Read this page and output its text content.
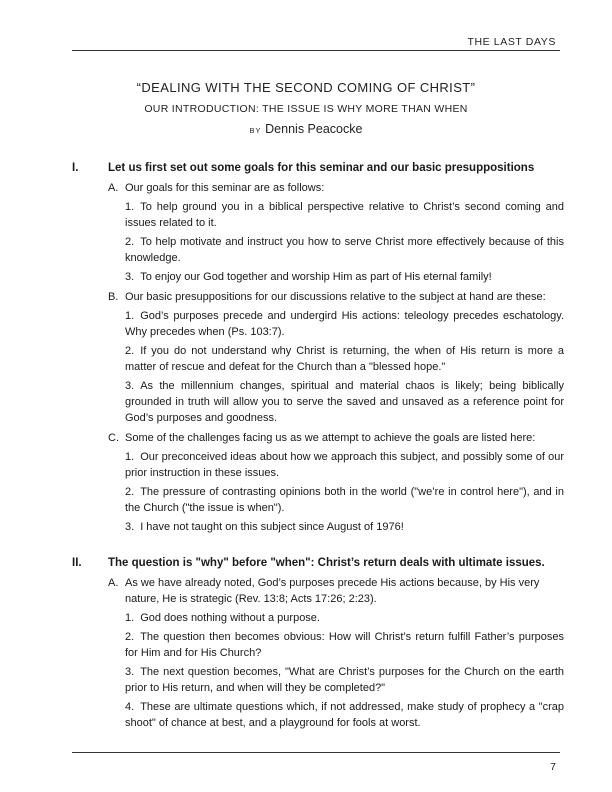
THE LAST DAYS
“DEALING WITH THE SECOND COMING OF CHRIST”
OUR INTRODUCTION: THE ISSUE IS WHY MORE THAN WHEN
BY Dennis Peacocke
I.	Let us first set out some goals for this seminar and our basic presuppositions
A. Our goals for this seminar are as follows:
1. To help ground you in a biblical perspective relative to Christ’s second coming and issues related to it.
2. To help motivate and instruct you how to serve Christ more effectively because of this knowledge.
3. To enjoy our God together and worship Him as part of His eternal family!
B. Our basic presuppositions for our discussions relative to the subject at hand are these:
1. God’s purposes precede and undergird His actions: teleology precedes eschatology. Why precedes when (Ps. 103:7).
2. If you do not understand why Christ is returning, the when of His return is more a matter of rescue and defeat for the Church than a "blessed hope."
3. As the millennium changes, spiritual and material chaos is likely; being biblically grounded in truth will allow you to serve the saved and unsaved as a reference point for God’s purposes and goodness.
C. Some of the challenges facing us as we attempt to achieve the goals are listed here:
1. Our preconceived ideas about how we approach this subject, and possibly some of our prior instruction in these issues.
2. The pressure of contrasting opinions both in the world ("we’re in control here"), and in the Church ("the issue is when").
3. I have not taught on this subject since August of 1976!
II.	The question is "why" before "when": Christ’s return deals with ultimate issues.
A. As we have already noted, God’s purposes precede His actions because, by His very nature, He is strategic (Rev. 13:8; Acts 17:26; 2:23).
1. God does nothing without a purpose.
2. The question then becomes obvious: How will Christ’s return fulfill Father’s purposes for Him and for His Church?
3. The next question becomes, "What are Christ’s purposes for the Church on the earth prior to His return, and when will they be completed?"
4. These are ultimate questions which, if not addressed, make study of prophecy a "crap shoot" of chance at best, and a playground for fools at worst.
7
